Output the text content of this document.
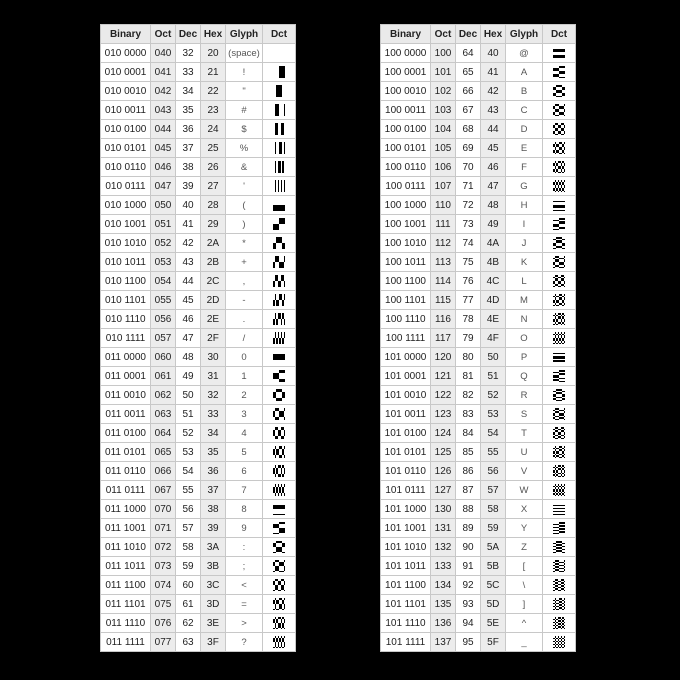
Binary	Oct	Dec	Hex	Glyph	Dct
010 0000	040	32	20	(space)	

010 0001	041	33	21	!	

010 0010	042	34	22	"	

010 0011	043	35	23	#	

010 0100	044	36	24	$	

010 0101	045	37	25	%	

010 0110	046	38	26	&	

010 0111	047	39	27	'	

010 1000	050	40	28	(	

010 1001	051	41	29	)	

010 1010	052	42	2A	*	

010 1011	053	43	2B	+	

010 1100	054	44	2C	,	

010 1101	055	45	2D	-	

010 1110	056	46	2E	.	

010 1111	057	47	2F	/	

011 0000	060	48	30	0	

011 0001	061	49	31	1	

011 0010	062	50	32	2	

011 0011	063	51	33	3	

011 0100	064	52	34	4	

011 0101	065	53	35	5	

011 0110	066	54	36	6	

011 0111	067	55	37	7	

011 1000	070	56	38	8	

011 1001	071	57	39	9	

011 1010	072	58	3A	:	

011 1011	073	59	3B	;	

011 1100	074	60	3C	<	

011 1101	075	61	3D	=	

011 1110	076	62	3E	>	

011 1111	077	63	3F	?	
Binary	Oct	Dec	Hex	Glyph	Dct
100 0000	100	64	40	@	

100 0001	101	65	41	A	

100 0010	102	66	42	B	

100 0011	103	67	43	C	

100 0100	104	68	44	D	

100 0101	105	69	45	E	

100 0110	106	70	46	F	

100 0111	107	71	47	G	

100 1000	110	72	48	H	

100 1001	111	73	49	I	

100 1010	112	74	4A	J	

100 1011	113	75	4B	K	

100 1100	114	76	4C	L	

100 1101	115	77	4D	M	

100 1110	116	78	4E	N	

100 1111	117	79	4F	O	

101 0000	120	80	50	P	

101 0001	121	81	51	Q	

101 0010	122	82	52	R	

101 0011	123	83	53	S	

101 0100	124	84	54	T	

101 0101	125	85	55	U	

101 0110	126	86	56	V	

101 0111	127	87	57	W	

101 1000	130	88	58	X	

101 1001	131	89	59	Y	

101 1010	132	90	5A	Z	

101 1011	133	91	5B	[	

101 1100	134	92	5C	\	

101 1101	135	93	5D	]	

101 1110	136	94	5E	^	

101 1111	137	95	5F	_	
